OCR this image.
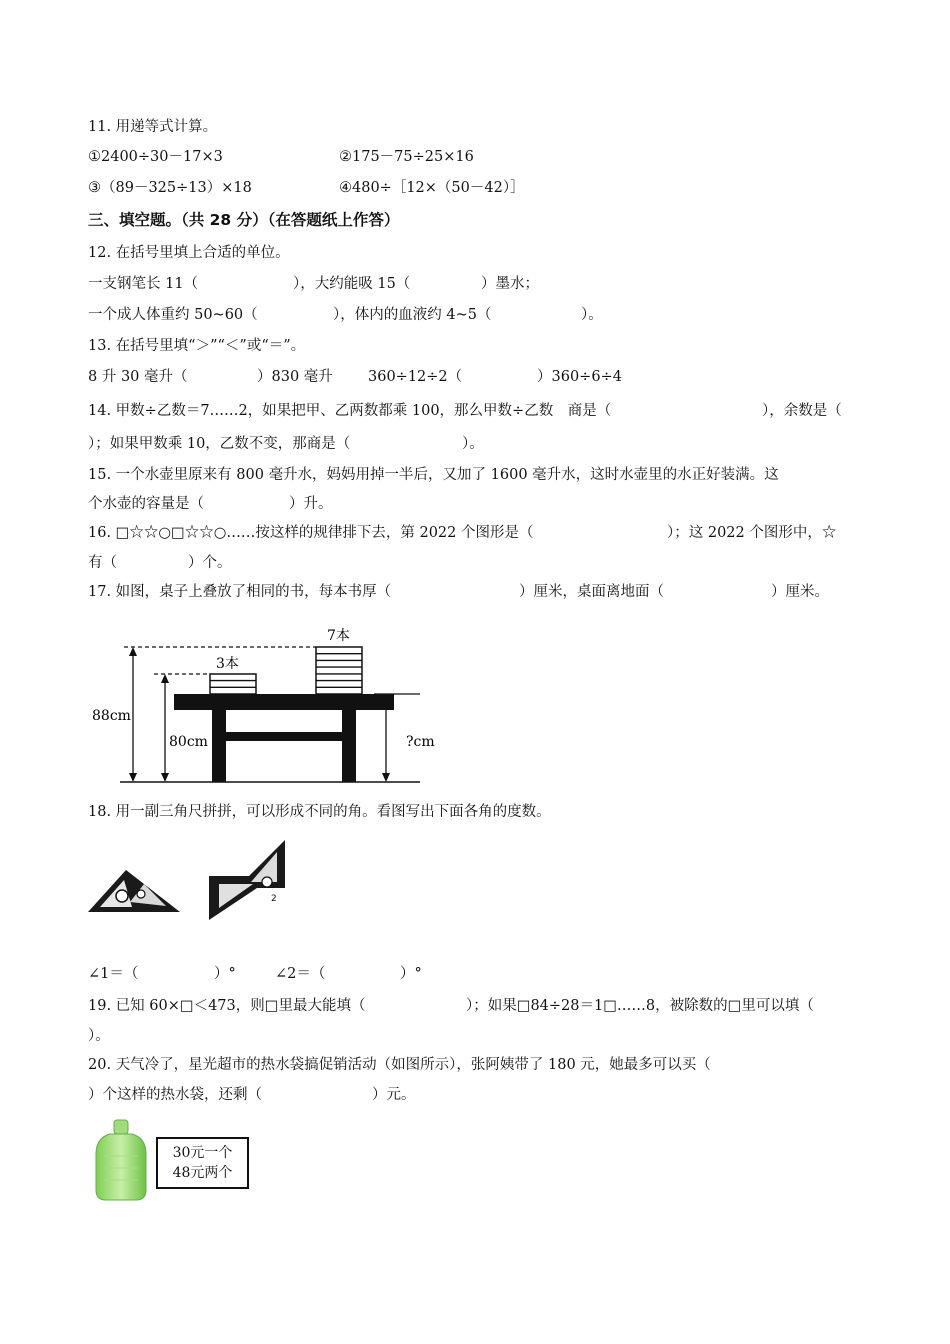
11. 用递等式计算。
①2400÷30－17×3	②175－75÷25×16
③（89－325÷13）×18	④480÷［12×（50－42）］
三、填空题。（共 28 分）（在答题纸上作答）
12. 在括号里填上合适的单位。
一支钢笔长 11（	），大约能吸 15（	）墨水；
一个成人体重约 50~60（	），体内的血液约 4~5（	）。
13. 在括号里填“＞”“＜”或“＝”。
8 升 30 毫升（	）830 毫升 360÷12÷2（	）360÷6÷4
14. 甲数÷乙数＝7……2，如果把甲、乙两数都乘 100，那么甲数÷乙数　商是（	），余数是（
）；如果甲数乘 10，乙数不变，那商是（	）。
15. 一个水壶里原来有 800 毫升水，妈妈用掉一半后，又加了 1600 毫升水，这时水壶里的水正好装满。这
个水壶的容量是（	）升。
16. □☆☆○□☆☆○……按这样的规律排下去，第 2022 个图形是（	）；这 2022 个图形中，☆
有（	）个。
17. 如图，桌子上叠放了相同的书，每本书厚（	）厘米，桌面离地面（	）厘米。
7本
3本
88cm
80cm	?cm
18. 用一副三角尺拼拼，可以形成不同的角。看图写出下面各角的度数。
2
∠1＝（	）°	∠2＝（	）°
19. 已知 60×□＜473，则□里最大能填（	）；如果□84÷28＝1□……8，被除数的□里可以填（
）。
20. 天气冷了，星光超市的热水袋搞促销活动（如图所示），张阿姨带了 180 元，她最多可以买（
）个这样的热水袋，还剩（	）元。
30元一个
48元两个
